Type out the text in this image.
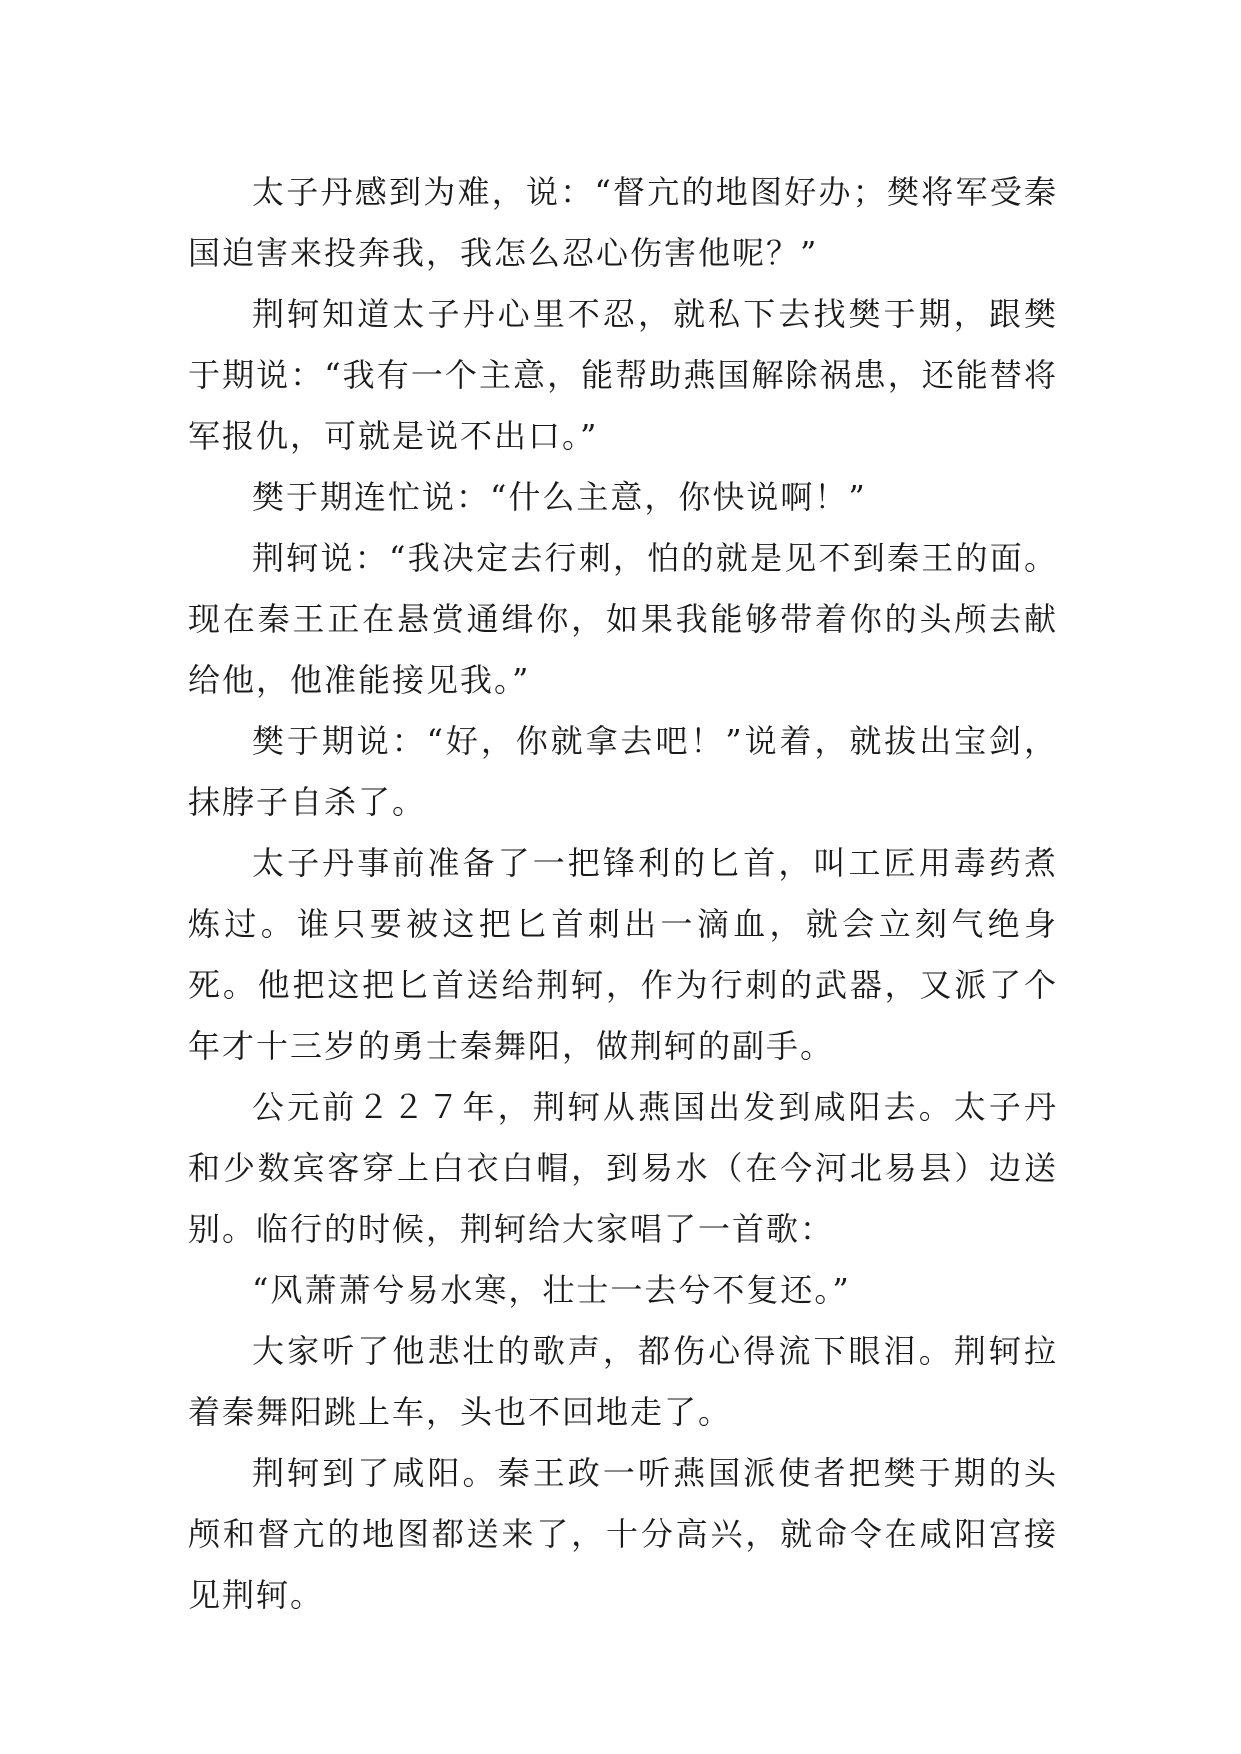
太子丹感到为难，说：“督亢的地图好办；樊将军受秦国迫害来投奔我，我怎么忍心伤害他呢？”

荆轲知道太子丹心里不忍，就私下去找樊于期，跟樊于期说：“我有一个主意，能帮助燕国解除祸患，还能替将军报仇，可就是说不出口。”

樊于期连忙说：“什么主意，你快说啊！”

荆轲说：“我决定去行刺，怕的就是见不到秦王的面。现在秦王正在悬赏通缉你，如果我能够带着你的头颅去献给他，他准能接见我。”

樊于期说：“好，你就拿去吧！”说着，就拔出宝剑，抹脖子自杀了。

太子丹事前准备了一把锋利的匕首，叫工匠用毒药煮炼过。谁只要被这把匕首刺出一滴血，就会立刻气绝身死。他把这把匕首送给荆轲，作为行刺的武器，又派了个年才十三岁的勇士秦舞阳，做荆轲的副手。

公元前２２７年，荆轲从燕国出发到咸阳去。太子丹和少数宾客穿上白衣白帽，到易水（在今河北易县）边送别。临行的时候，荆轲给大家唱了一首歌：

“风萧萧兮易水寒，壮士一去兮不复还。”

大家听了他悲壮的歌声，都伤心得流下眼泪。荆轲拉着秦舞阳跳上车，头也不回地走了。

荆轲到了咸阳。秦王政一听燕国派使者把樊于期的头颅和督亢的地图都送来了，十分高兴，就命令在咸阳宫接见荆轲。
